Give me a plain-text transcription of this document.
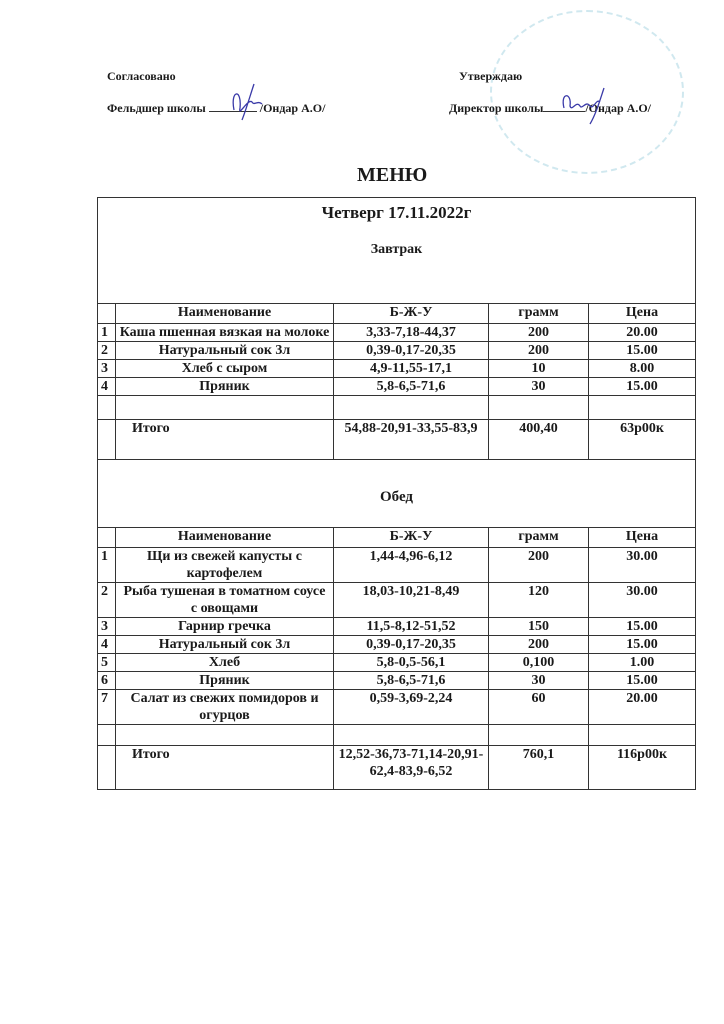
Согласовано
Фельдшер школы	/Ондар А.О/
Утверждаю
Директор школы	/Ондар А.О/
МЕНЮ
Четверг 17.11.2022г
Завтрак				

	Наименование	Б-Ж-У	грамм	Цена
1	Каша пшенная вязкая на молоке	3,33-7,18-44,37	200	20.00
2	Натуральный сок 3л	0,39-0,17-20,35	200	15.00
3	Хлеб с сыром	4,9-11,55-17,1	10	8.00
4	Пряник	5,8-6,5-71,6	30	15.00

	Итого	54,88-20,91-33,55-83,9	400,40	63р00к
Обед				
	Наименование	Б-Ж-У	грамм	Цена
1	Щи из свежей капусты с картофелем	1,44-4,96-6,12	200	30.00
2	Рыба тушеная в томатном соусе с овощами	18,03-10,21-8,49	120	30.00
3	Гарнир гречка	11,5-8,12-51,52	150	15.00
4	Натуральный сок 3л	0,39-0,17-20,35	200	15.00
5	Хлеб	5,8-0,5-56,1	0,100	1.00
6	Пряник	5,8-6,5-71,6	30	15.00
7	Салат из свежих помидоров и огурцов	0,59-3,69-2,24	60	20.00

	Итого	12,52-36,73-71,14-20,91-62,4-83,9-6,52	760,1	116р00к
